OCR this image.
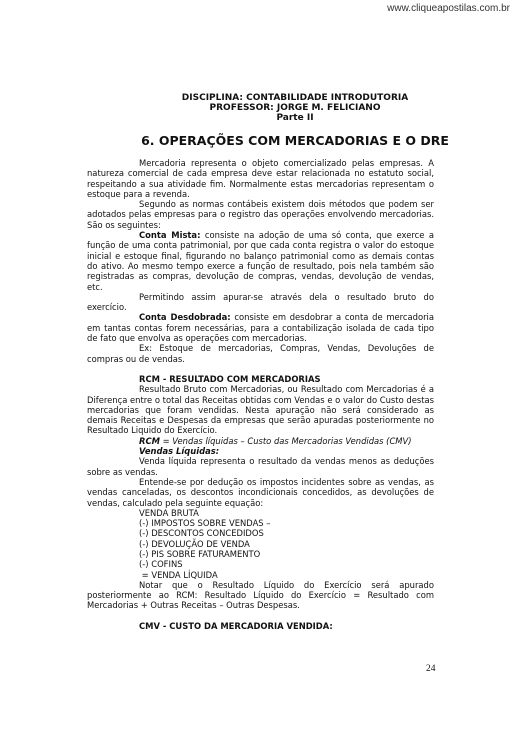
www.cliqueapostilas.com.br
DISCIPLINA: CONTABILIDADE INTRODUTORIA
PROFESSOR: JORGE M. FELICIANO
Parte II
6. OPERAÇÕES COM MERCADORIAS E O DRE

Mercadoria representa o objeto comercializado pelas empresas. A natureza comercial de cada empresa deve estar relacionada no estatuto social, respeitando a sua atividade fim. Normalmente estas mercadorias representam o estoque para a revenda.

Segundo as normas contábeis existem dois métodos que podem ser adotados pelas empresas para o registro das operações envolvendo mercadorias. São os seguintes:

Conta Mista: consiste na adoção de uma só conta, que exerce a função de uma conta patrimonial, por que cada conta registra o valor do estoque inicial e estoque final, figurando no balanço patrimonial como as demais contas do ativo. Ao mesmo tempo exerce a função de resultado, pois nela também são registradas as compras, devolução de compras, vendas, devolução de vendas, etc.

Permitindo assim apurar-se através dela o resultado bruto do exercício.

Conta Desdobrada: consiste em desdobrar a conta de mercadoria em tantas contas forem necessárias, para a contabilização isolada de cada tipo de fato que envolva as operações com mercadorias.

Ex: Estoque de mercadorias, Compras, Vendas, Devoluções de compras ou de vendas.

RCM - RESULTADO COM MERCADORIAS

Resultado Bruto com Mercadorias, ou Resultado com Mercadorias é a Diferença entre o total das Receitas obtidas com Vendas e o valor do Custo destas mercadorias que foram vendidas. Nesta apuração não será considerado as demais Receitas e Despesas da empresas que serão apuradas posteriormente no Resultado Liquido do Exercício.

RCM = Vendas líquidas – Custo das Mercadorias Vendidas (CMV)

Vendas Líquidas:

Venda líquida representa o resultado da vendas menos as deduções sobre as vendas.

Entende-se por dedução os impostos incidentes sobre as vendas, as vendas canceladas, os descontos incondicionais concedidos, as devoluções de vendas, calculado pela seguinte equação:

VENDA BRUTA
(-) IMPOSTOS SOBRE VENDAS –
(-) DESCONTOS CONCEDIDOS
(-) DEVOLUÇÃO DE VENDA
(-) PIS SOBRE FATURAMENTO
(-) COFINS
= VENDA LÍQUIDA

Notar que o Resultado Líquido do Exercício será apurado posteriormente ao RCM: Resultado Líquido do Exercício = Resultado com Mercadorias + Outras Receitas – Outras Despesas.

CMV - CUSTO DA MERCADORIA VENDIDA:

24
